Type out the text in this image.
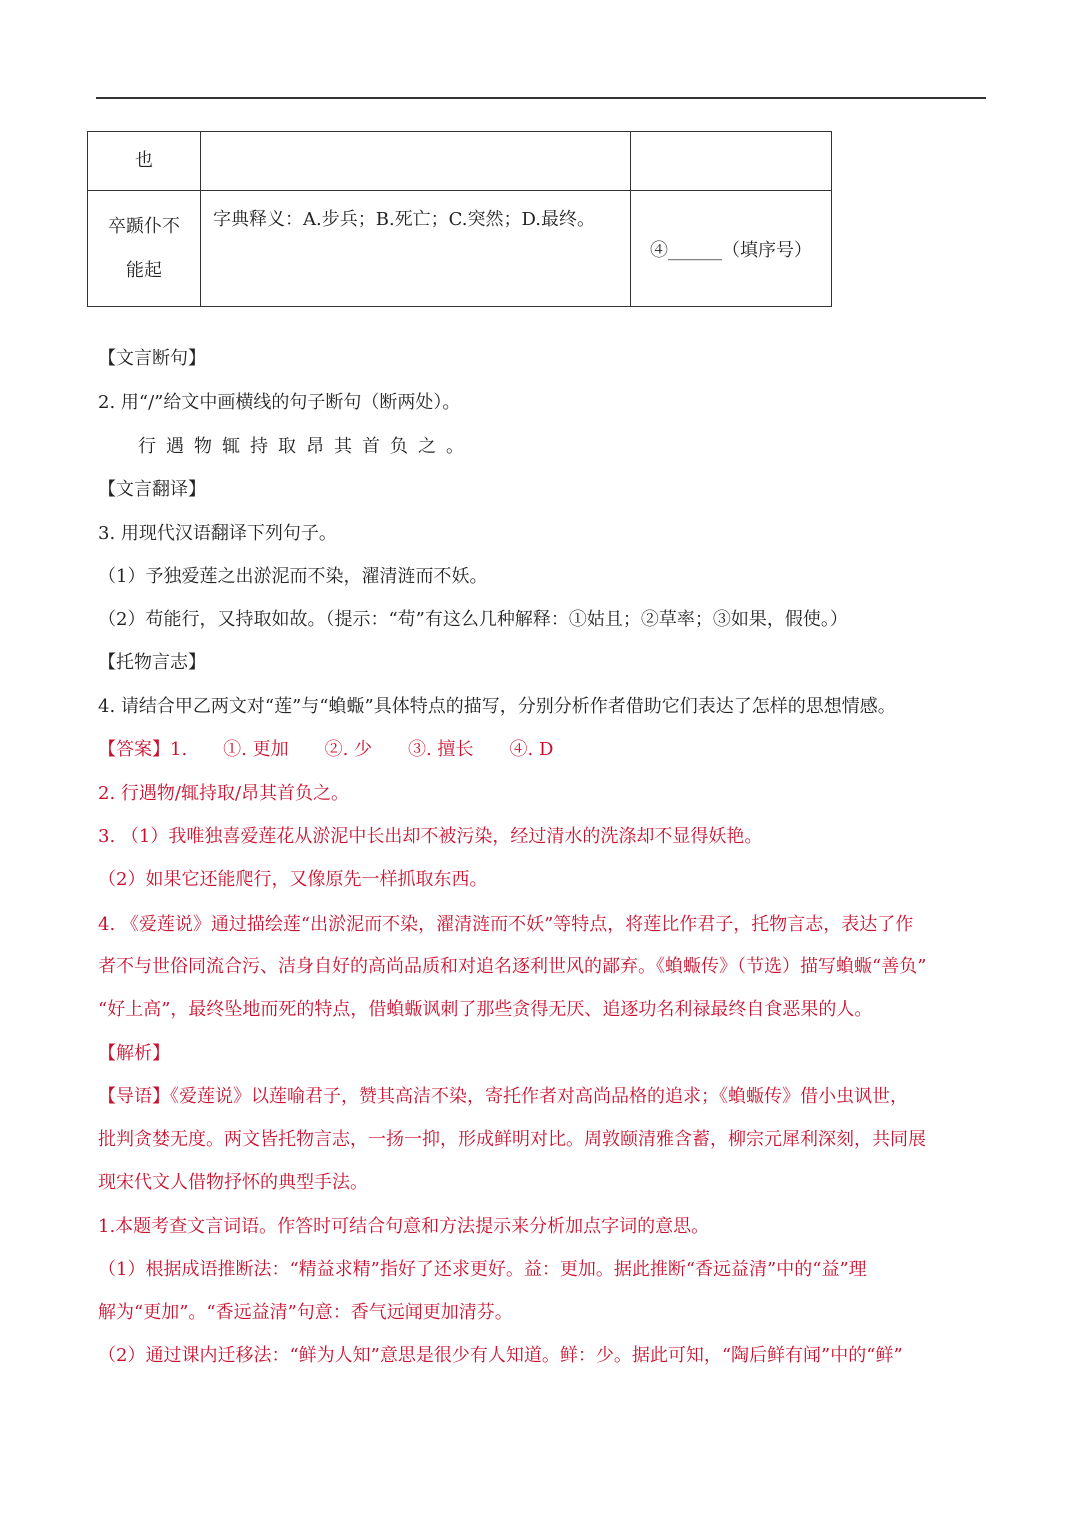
也		

卒踬仆不能起	字典释义：A.步兵；B.死亡；C.突然；D.最终。	④______（填序号）
【文言断句】
2. 用“/”给文中画横线的句子断句（断两处）。
行遇物辄持取昂其首负之。
【文言翻译】
3. 用现代汉语翻译下列句子。
（1）予独爱莲之出淤泥而不染，濯清涟而不妖。
（2）苟能行，又持取如故。（提示：“苟”有这么几种解释：①姑且；②草率；③如果，假使。）
【托物言志】
4. 请结合甲乙两文对“莲”与“蝜蝂”具体特点的描写，分别分析作者借助它们表达了怎样的思想情感。
【答案】1.　　①. 更加　　②. 少　　③. 擅长　　④. D
2. 行遇物/辄持取/昂其首负之。
3. （1）我唯独喜爱莲花从淤泥中长出却不被污染，经过清水的洗涤却不显得妖艳。
（2）如果它还能爬行，又像原先一样抓取东西。
4. 《爱莲说》通过描绘莲“出淤泥而不染，濯清涟而不妖”等特点，将莲比作君子，托物言志，表达了作
者不与世俗同流合污、洁身自好的高尚品质和对追名逐利世风的鄙弃。《蝜蝂传》（节选）描写蝜蝂“善负”
“好上高”，最终坠地而死的特点，借蝜蝂讽刺了那些贪得无厌、追逐功名利禄最终自食恶果的人。
【解析】
【导语】《爱莲说》以莲喻君子，赞其高洁不染，寄托作者对高尚品格的追求；《蝜蝂传》借小虫讽世，
批判贪婪无度。两文皆托物言志，一扬一抑，形成鲜明对比。周敦颐清雅含蓄，柳宗元犀利深刻，共同展
现宋代文人借物抒怀的典型手法。
1.本题考查文言词语。作答时可结合句意和方法提示来分析加点字词的意思。
（1）根据成语推断法：“精益求精”指好了还求更好。益：更加。据此推断“香远益清”中的“益”理
解为“更加”。“香远益清”句意：香气远闻更加清芬。
（2）通过课内迁移法：“鲜为人知”意思是很少有人知道。鲜：少。据此可知，“陶后鲜有闻”中的“鲜”
